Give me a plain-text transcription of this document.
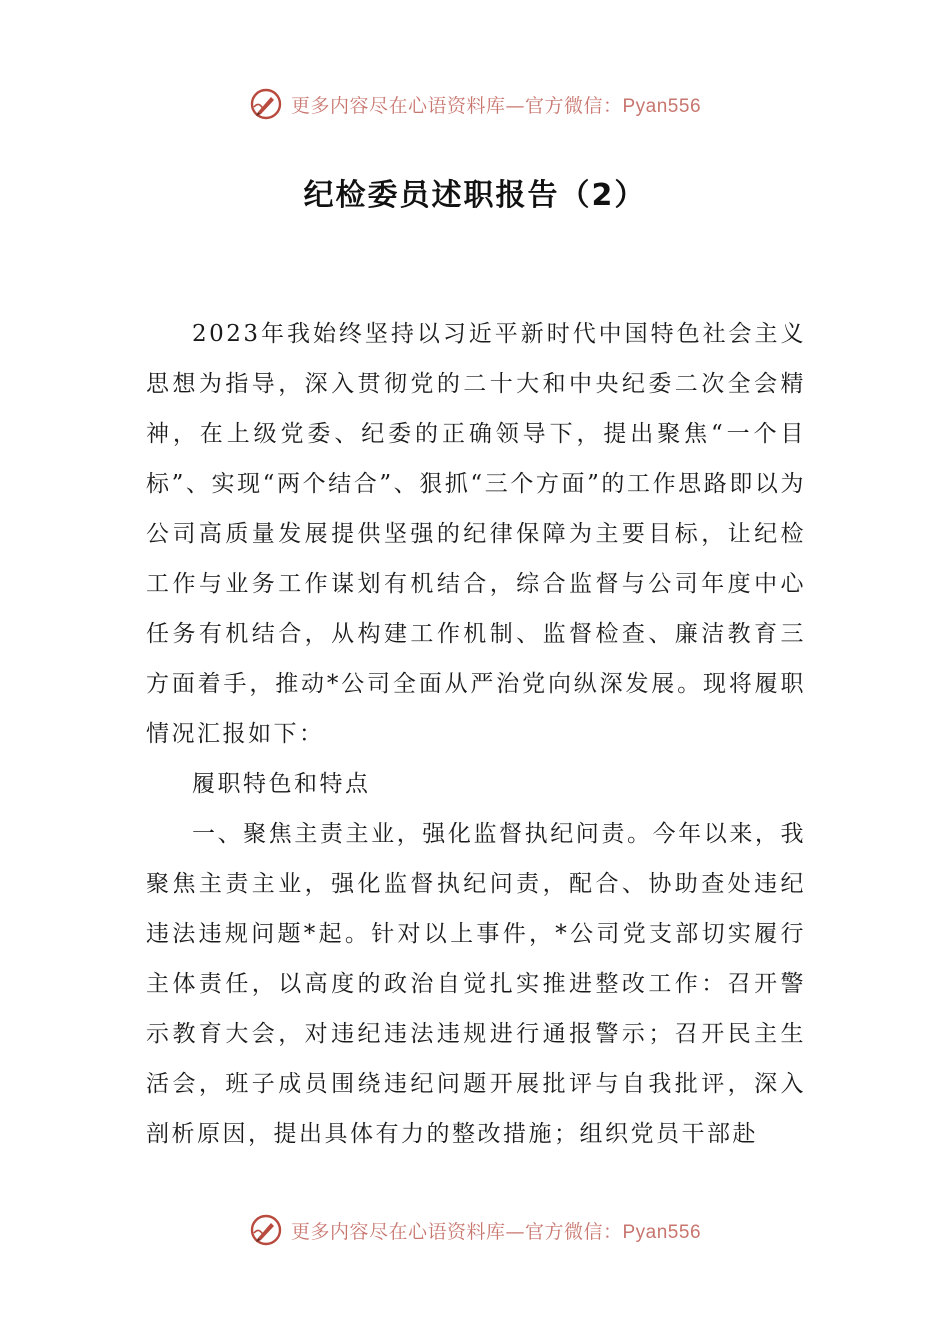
更多内容尽在心语资料库—官方微信：Pyan556
纪检委员述职报告（2）

2023年我始终坚持以习近平新时代中国特色社会主义思想为指导，深入贯彻党的二十大和中央纪委二次全会精神，在上级党委、纪委的正确领导下，提出聚焦“一个目标”、实现“两个结合”、狠抓“三个方面”的工作思路即以为公司高质量发展提供坚强的纪律保障为主要目标，让纪检工作与业务工作谋划有机结合，综合监督与公司年度中心任务有机结合，从构建工作机制、监督检查、廉洁教育三方面着手，推动*公司全面从严治党向纵深发展。现将履职情况汇报如下：

履职特色和特点

一、聚焦主责主业，强化监督执纪问责。今年以来，我聚焦主责主业，强化监督执纪问责，配合、协助查处违纪违法违规问题*起。针对以上事件，*公司党支部切实履行主体责任，以高度的政治自觉扎实推进整改工作：召开警示教育大会，对违纪违法违规进行通报警示；召开民主生活会，班子成员围绕违纪问题开展批评与自我批评，深入剖析原因，提出具体有力的整改措施；组织党员干部赴

更多内容尽在心语资料库—官方微信：Pyan556
